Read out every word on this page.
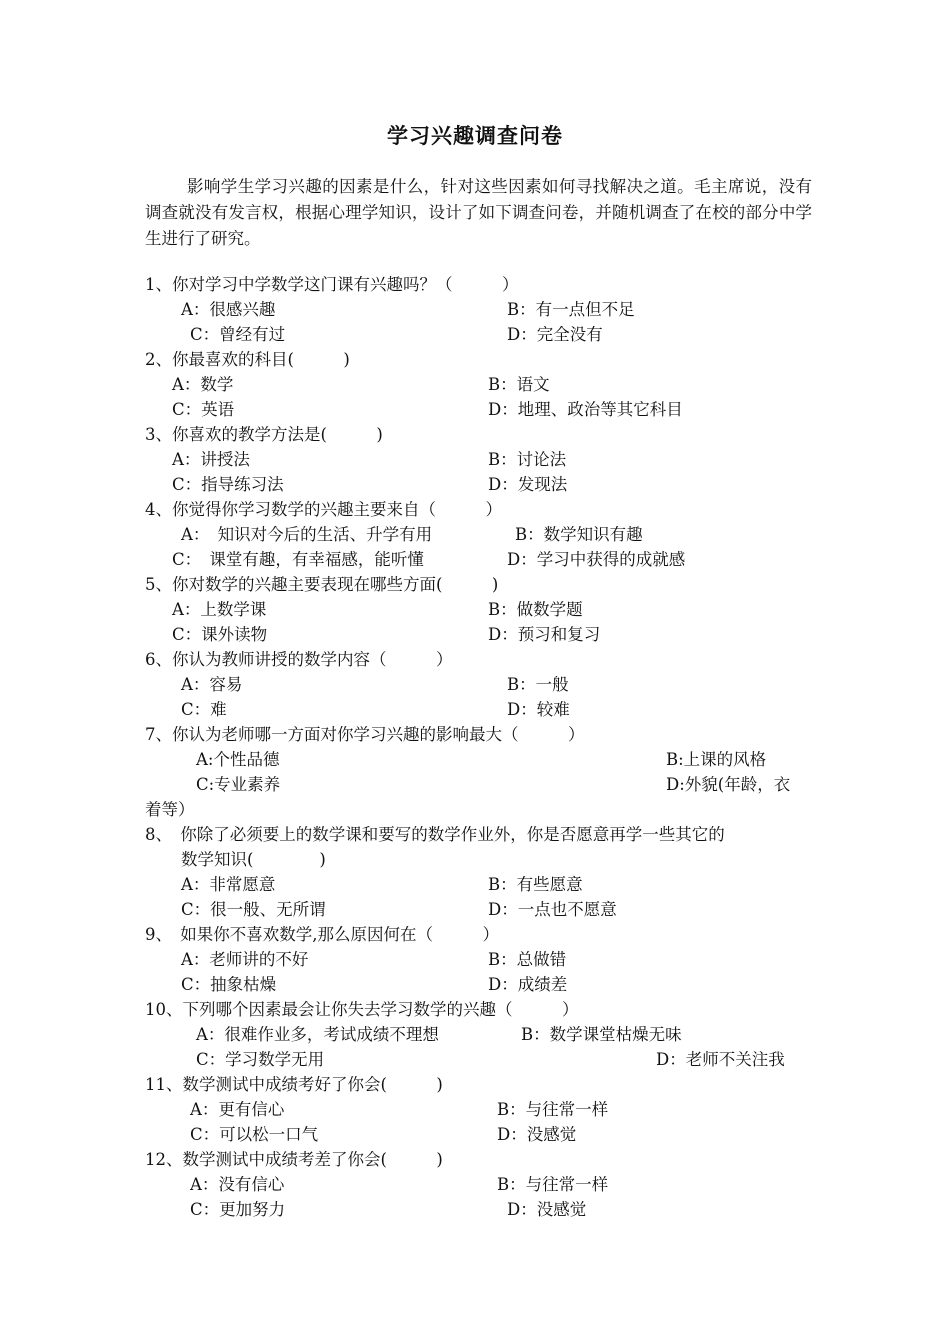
学习兴趣调查问卷
影响学生学习兴趣的因素是什么，针对这些因素如何寻找解决之道。毛主席说，没有调查就没有发言权，根据心理学知识，设计了如下调查问卷，并随机调查了在校的部分中学生进行了研究。
1、你对学习中学数学这门课有兴趣吗？（　　　）
A：很感兴趣	B：有一点但不足
C：曾经有过	D：完全没有
2、你最喜欢的科目(　　　)
A：数学	B：语文
C：英语	D：地理、政治等其它科目
3、你喜欢的教学方法是(　　　)
A：讲授法	B：讨论法
C：指导练习法	D：发现法
4、你觉得你学习数学的兴趣主要来自（　　　）
A：　知识对今后的生活、升学有用	B：数学知识有趣
C：　课堂有趣，有幸福感，能听懂	D：学习中获得的成就感
5、你对数学的兴趣主要表现在哪些方面(　　　)
A：上数学课	B：做数学题
C：课外读物	D：预习和复习
6、你认为教师讲授的数学内容（　　　）
A：容易	B：一般
C：难	D：较难
7、你认为老师哪一方面对你学习兴趣的影响最大（　　　）
A:个性品德	B:上课的风格
C:专业素养	D:外貌(年龄，衣
着等）
8、　你除了必须要上的数学课和要写的数学作业外，你是否愿意再学一些其它的
数学知识(　　　　)
A：非常愿意	B：有些愿意
C：很一般、无所谓	D：一点也不愿意
9、　如果你不喜欢数学,那么原因何在（　　　）
A：老师讲的不好	B：总做错
C：抽象枯燥	D：成绩差
10、下列哪个因素最会让你失去学习数学的兴趣（　　　）
A：很难作业多，考试成绩不理想	B：数学课堂枯燥无味
C：学习数学无用	D：老师不关注我
11、数学测试中成绩考好了你会(　　　)
A：更有信心	B：与往常一样
C：可以松一口气	D：没感觉
12、数学测试中成绩考差了你会(　　　)
A：没有信心	B：与往常一样
C：更加努力	D：没感觉
